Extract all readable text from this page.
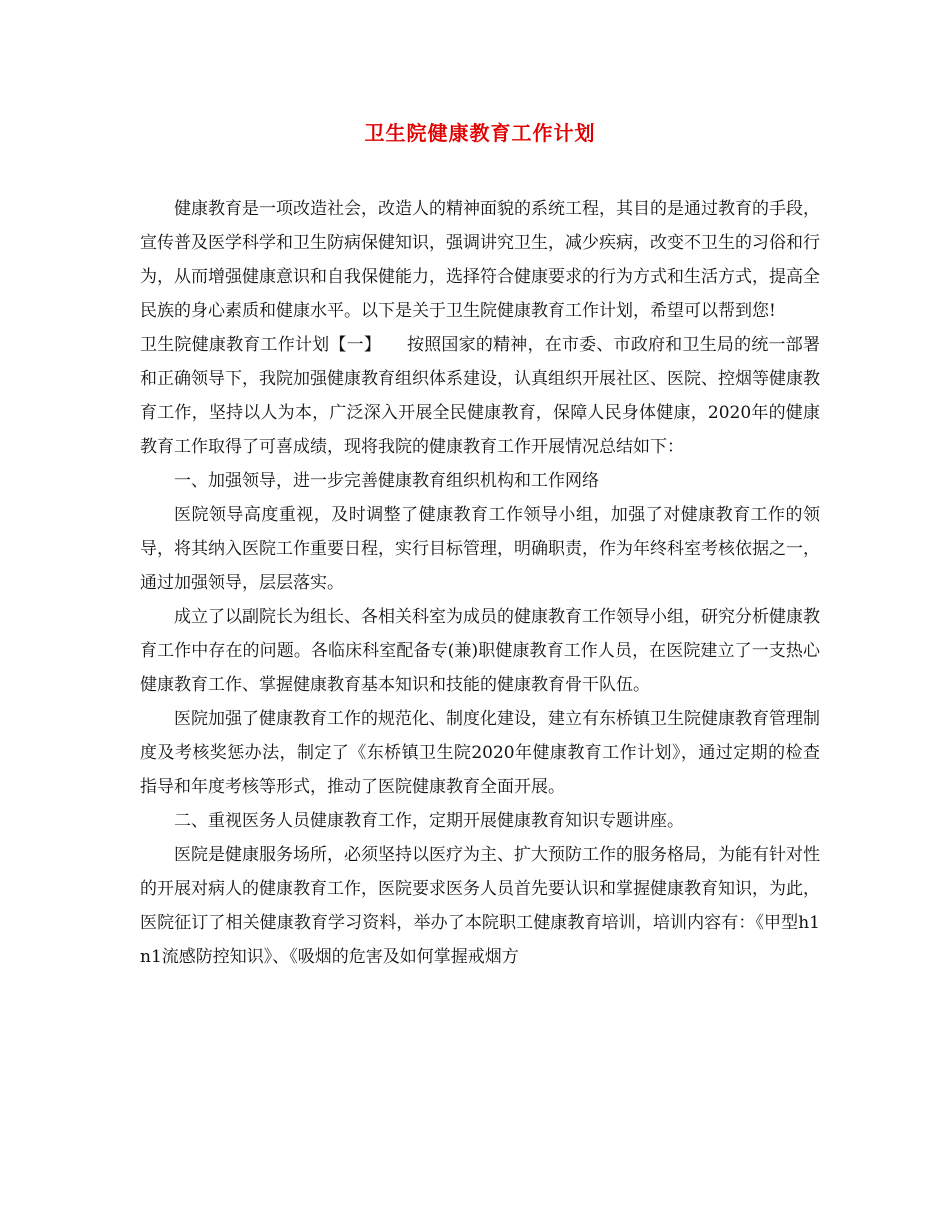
卫生院健康教育工作计划

健康教育是一项改造社会，改造人的精神面貌的系统工程，其目的是通过教育的手段，宣传普及医学科学和卫生防病保健知识，强调讲究卫生，减少疾病，改变不卫生的习俗和行为，从而增强健康意识和自我保健能力，选择符合健康要求的行为方式和生活方式，提高全民族的身心素质和健康水平。以下是关于卫生院健康教育工作计划，希望可以帮到您!

卫生院健康教育工作计划【一】　　按照国家的精神，在市委、市政府和卫生局的统一部署和正确领导下，我院加强健康教育组织体系建设，认真组织开展社区、医院、控烟等健康教育工作，坚持以人为本，广泛深入开展全民健康教育，保障人民身体健康，2020年的健康教育工作取得了可喜成绩，现将我院的健康教育工作开展情况总结如下：

一、加强领导，进一步完善健康教育组织机构和工作网络

医院领导高度重视，及时调整了健康教育工作领导小组，加强了对健康教育工作的领导，将其纳入医院工作重要日程，实行目标管理，明确职责，作为年终科室考核依据之一，通过加强领导，层层落实。

成立了以副院长为组长、各相关科室为成员的健康教育工作领导小组，研究分析健康教育工作中存在的问题。各临床科室配备专(兼)职健康教育工作人员，在医院建立了一支热心健康教育工作、掌握健康教育基本知识和技能的健康教育骨干队伍。

医院加强了健康教育工作的规范化、制度化建设，建立有东桥镇卫生院健康教育管理制度及考核奖惩办法，制定了《东桥镇卫生院2020年健康教育工作计划》，通过定期的检查指导和年度考核等形式，推动了医院健康教育全面开展。

二、重视医务人员健康教育工作，定期开展健康教育知识专题讲座。

医院是健康服务场所，必须坚持以医疗为主、扩大预防工作的服务格局，为能有针对性的开展对病人的健康教育工作，医院要求医务人员首先要认识和掌握健康教育知识，为此，医院征订了相关健康教育学习资料，举办了本院职工健康教育培训，培训内容有：《甲型h1n1流感防控知识》、《吸烟的危害及如何掌握戒烟方
